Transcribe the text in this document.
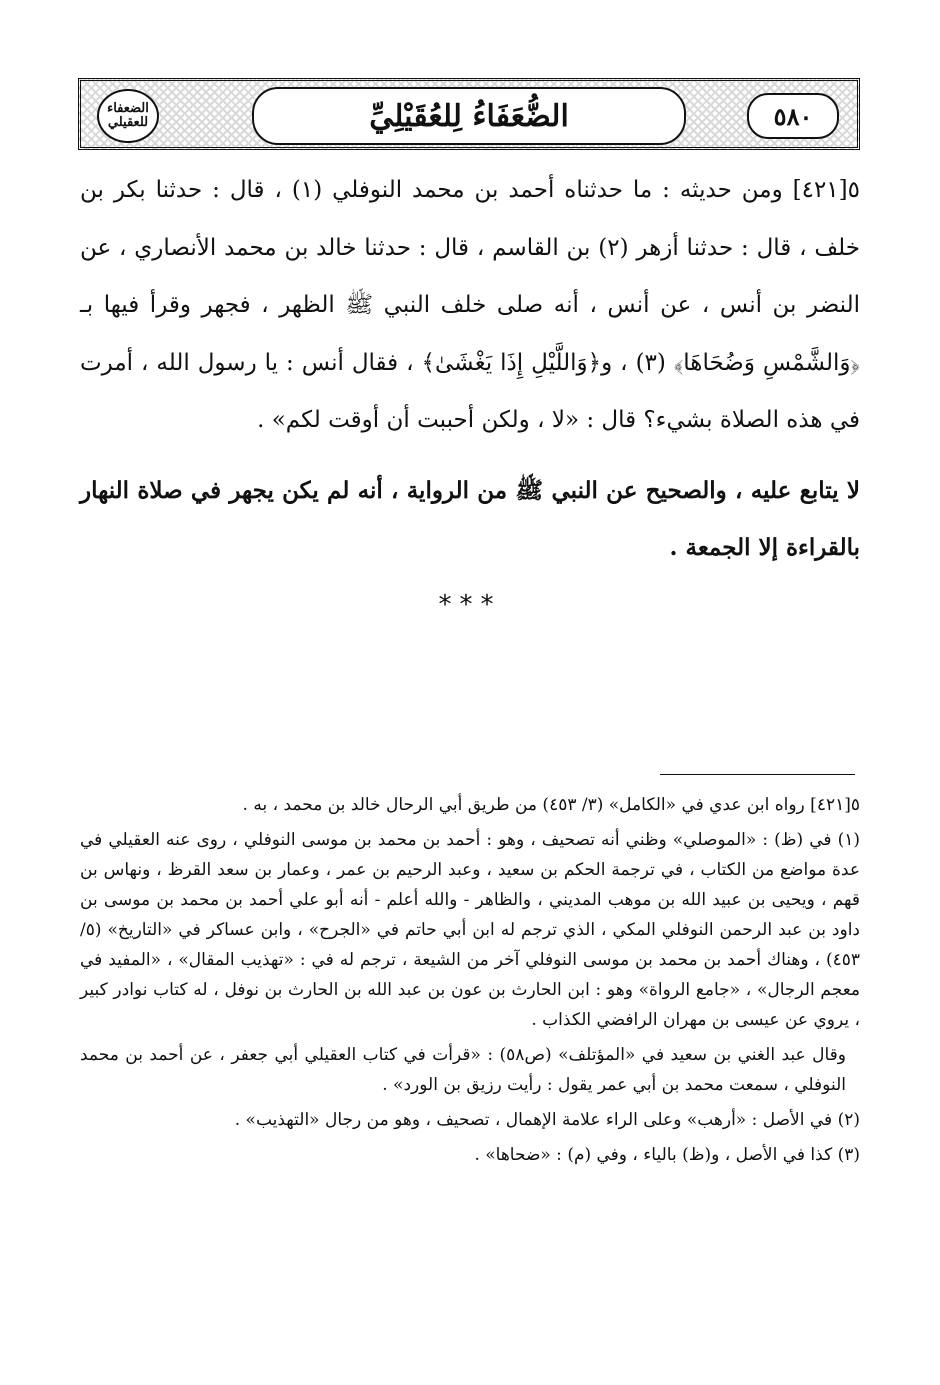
الضعفاء للعقيلي	الضُّعَفَاءُ لِلعُقَيْلِيِّ	٥٨٠

٥[٤٢١] ومن حديثه : ما حدثناه أحمد بن محمد النوفلي (١) ، قال : حدثنا بكر بن خلف ، قال : حدثنا أزهر (٢) بن القاسم ، قال : حدثنا خالد بن محمد الأنصاري ، عن النضر بن أنس ، عن أنس ، أنه صلى خلف النبي ﷺ الظهر ، فجهر وقرأ فيها بـ ﴿وَالشَّمْسِ وَضُحَاهَا﴾ (٣) ، و﴿وَاللَّيْلِ إِذَا يَغْشَىٰ﴾ ، فقال أنس : يا رسول الله ، أمرت في هذه الصلاة بشيء؟ قال : «لا ، ولكن أحببت أن أوقت لكم» .

لا يتابع عليه ، والصحيح عن النبي ﷺ من الرواية ، أنه لم يكن يجهر في صلاة النهار بالقراءة إلا الجمعة .

***

٥[٤٢١] رواه ابن عدي في «الكامل» (٣/ ٤٥٣) من طريق أبي الرحال خالد بن محمد ، به .

(١) في (ظ) : «الموصلي» وظني أنه تصحيف ، وهو : أحمد بن محمد بن موسى النوفلي ، روى عنه العقيلي في عدة مواضع من الكتاب ، في ترجمة الحكم بن سعيد ، وعبد الرحيم بن عمر ، وعمار بن سعد القرظ ، ونهاس بن قهم ، ويحيى بن عبيد الله بن موهب المديني ، والظاهر - والله أعلم - أنه أبو علي أحمد بن محمد بن موسى بن داود بن عبد الرحمن النوفلي المكي ، الذي ترجم له ابن أبي حاتم في «الجرح» ، وابن عساكر في «التاريخ» (٥/ ٤٥٣) ، وهناك أحمد بن محمد بن موسى النوفلي آخر من الشيعة ، ترجم له في : «تهذيب المقال» ، «المفيد في معجم الرجال» ، «جامع الرواة» وهو : ابن الحارث بن عون بن عبد الله بن الحارث بن نوفل ، له كتاب نوادر كبير ، يروي عن عيسى بن مهران الرافضي الكذاب .

وقال عبد الغني بن سعيد في «المؤتلف» (ص٥٨) : «قرأت في كتاب العقيلي أبي جعفر ، عن أحمد بن محمد النوفلي ، سمعت محمد بن أبي عمر يقول : رأيت رزيق بن الورد» .

(٢) في الأصل : «أرهب» وعلى الراء علامة الإهمال ، تصحيف ، وهو من رجال «التهذيب» .

(٣) كذا في الأصل ، و(ظ) بالياء ، وفي (م) : «ضحاها» .
